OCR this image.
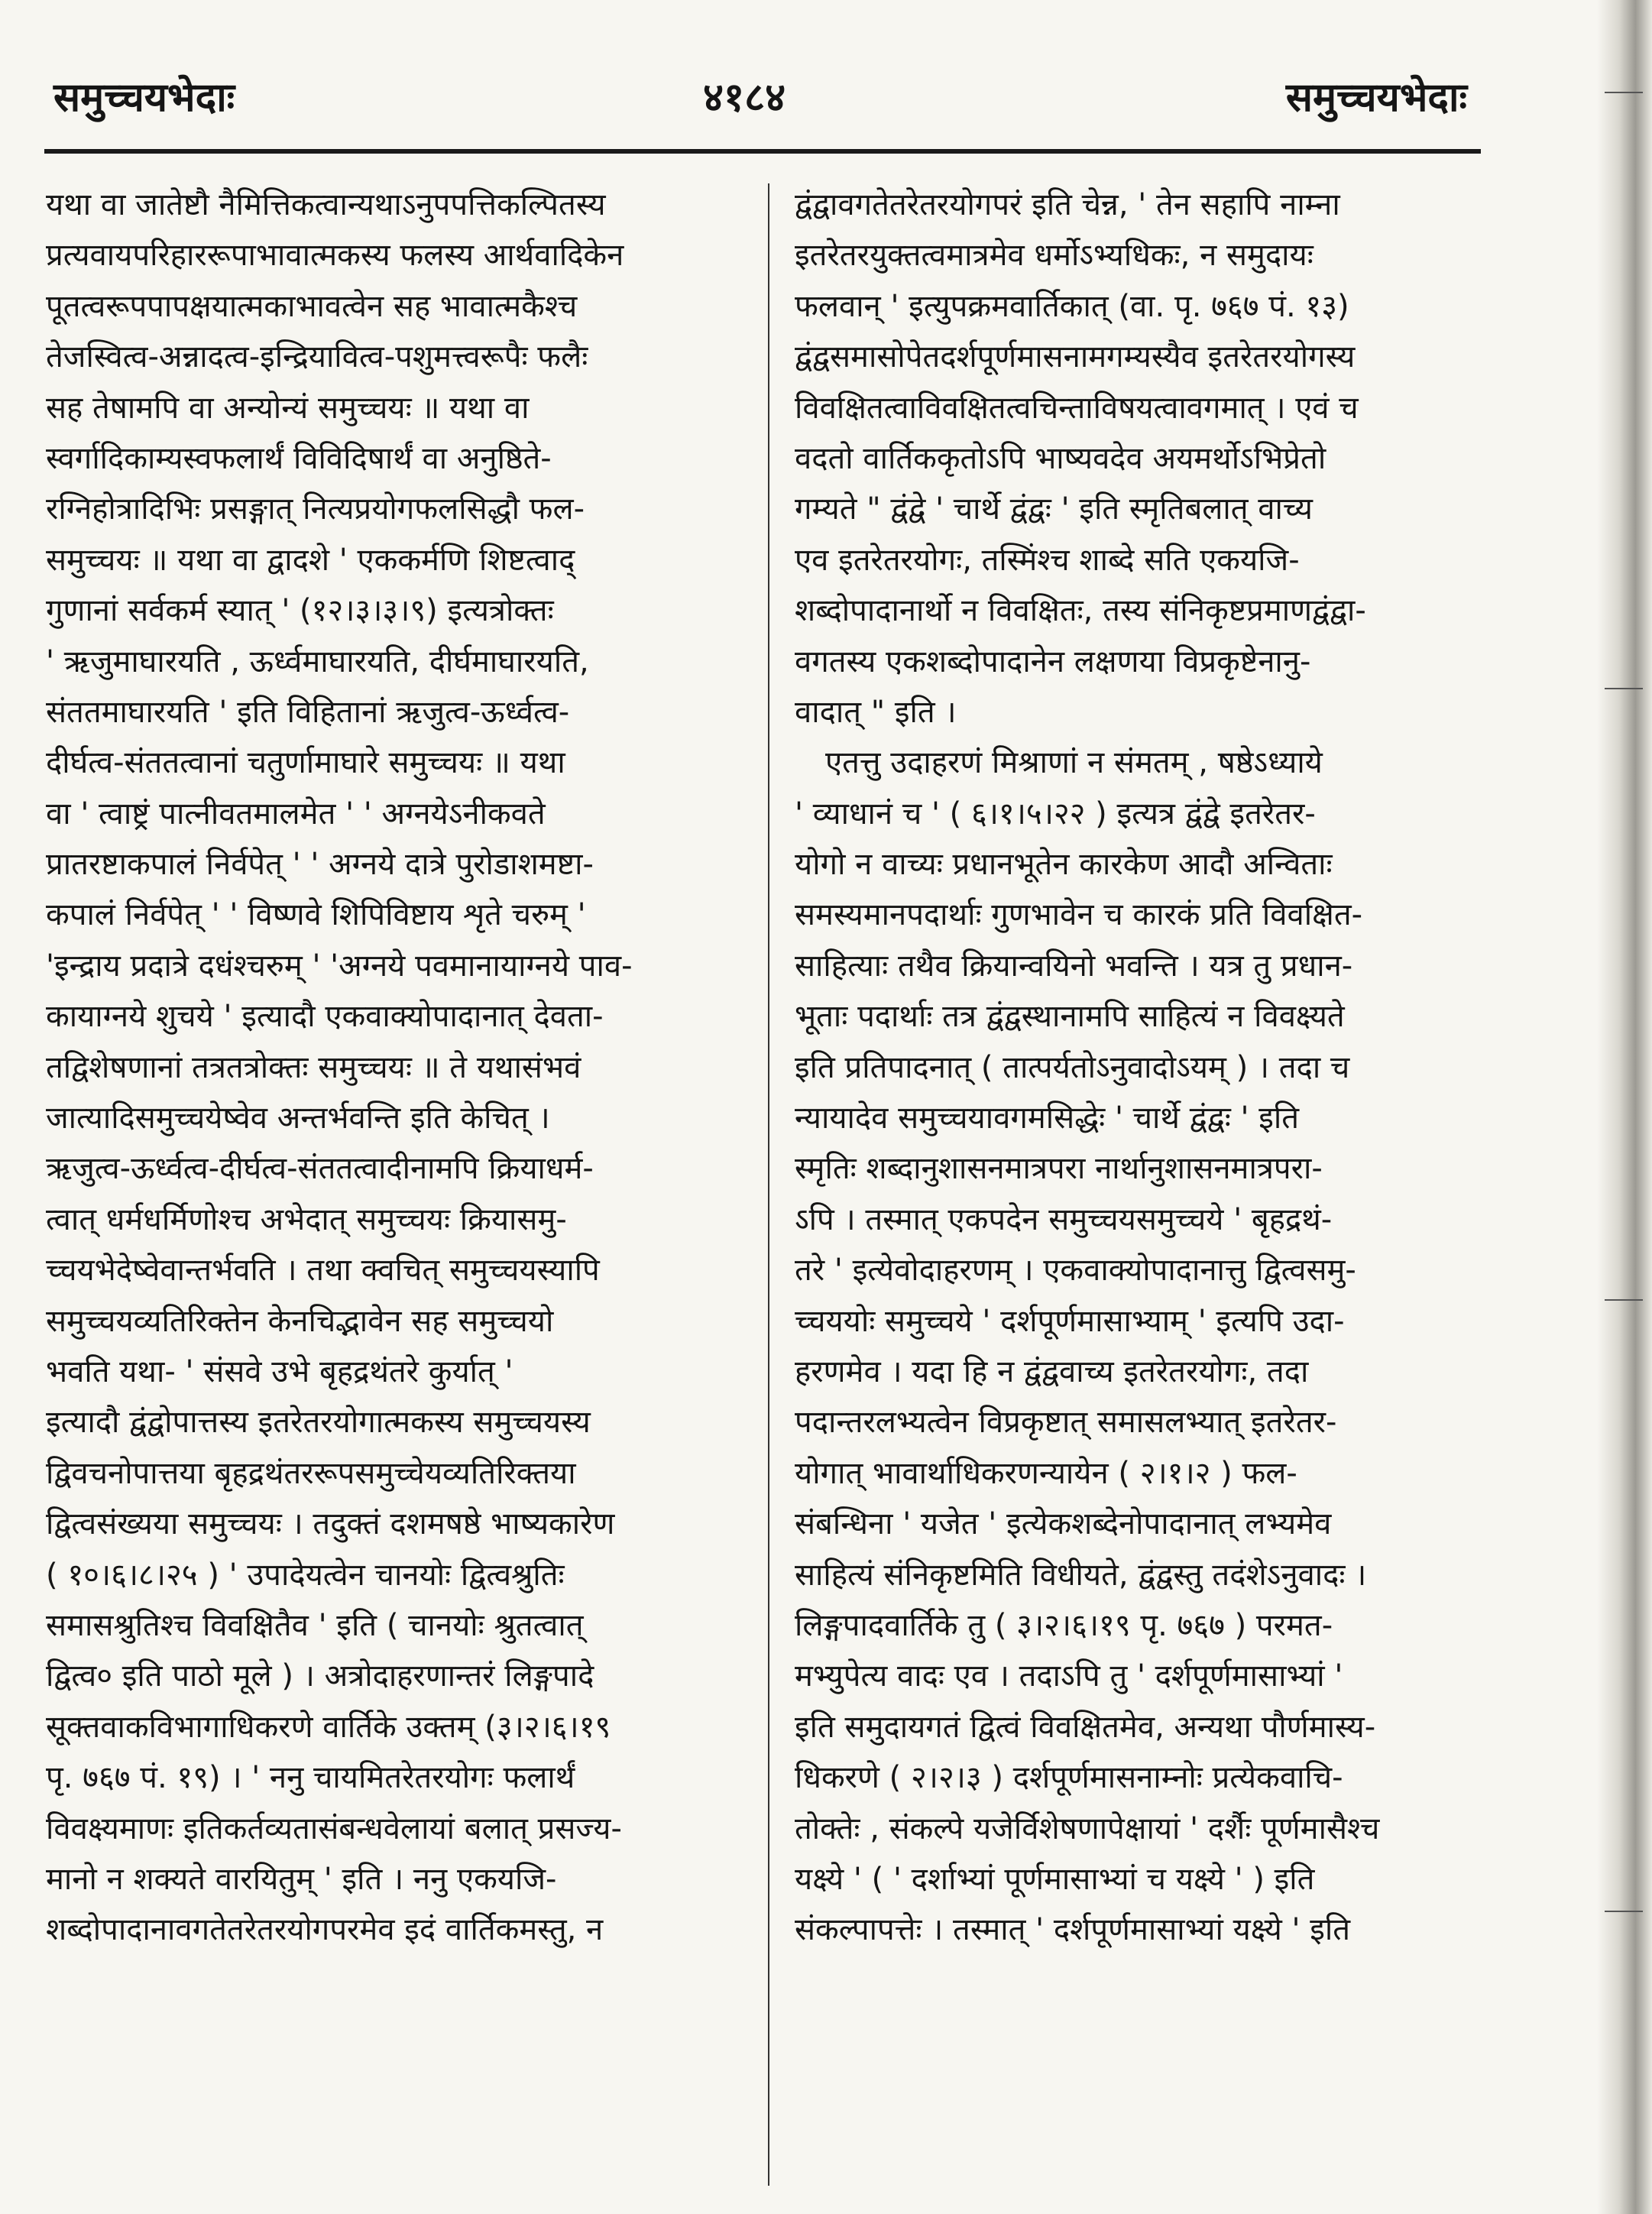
समुच्चयभेदाः	४१८४	समुच्चयभेदाः
यथा वा जातेष्टौ नैमित्तिकत्वान्यथाऽनुपपत्तिकल्पितस्य
प्रत्यवायपरिहाररूपाभावात्मकस्य फलस्य आर्थवादिकेन
पूतत्वरूपपापक्षयात्मकाभावत्वेन सह भावात्मकैश्च
तेजस्वित्व-अन्नादत्व-इन्द्रियावित्व-पशुमत्त्वरूपैः फलैः
सह तेषामपि वा अन्योन्यं समुच्चयः ॥ यथा वा
स्वर्गादिकाम्यस्वफलार्थं विविदिषार्थं वा अनुष्ठिते-
रग्निहोत्रादिभिः प्रसङ्गात् नित्यप्रयोगफलसिद्धौ फल-
समुच्चयः ॥ यथा वा द्वादशे ' एककर्मणि शिष्टत्वाद्
गुणानां सर्वकर्म स्यात् ' (१२।३।३।९) इत्यत्रोक्तः
' ऋजुमाघारयति , ऊर्ध्वमाघारयति, दीर्घमाघारयति,
संततमाघारयति ' इति विहितानां ऋजुत्व-ऊर्ध्वत्व-
दीर्घत्व-संततत्वानां चतुर्णामाघारे समुच्चयः ॥ यथा
वा ' त्वाष्ट्रं पात्नीवतमालमेत ' ' अग्नयेऽनीकवते
प्रातरष्टाकपालं निर्वपेत् ' ' अग्नये दात्रे पुरोडाशमष्टा-
कपालं निर्वपेत् ' ' विष्णवे शिपिविष्टाय शृते चरुम् '
'इन्द्राय प्रदात्रे दधंश्चरुम् ' 'अग्नये पवमानायाग्नये पाव-
कायाग्नये शुचये ' इत्यादौ एकवाक्योपादानात् देवता-
तद्विशेषणानां तत्रतत्रोक्तः समुच्चयः ॥ ते यथासंभवं
जात्यादिसमुच्चयेष्वेव अन्तर्भवन्ति इति केचित् ।
ऋजुत्व-ऊर्ध्वत्व-दीर्घत्व-संततत्वादीनामपि क्रियाधर्म-
त्वात् धर्मधर्मिणोश्च अभेदात् समुच्चयः क्रियासमु-
च्चयभेदेष्वेवान्तर्भवति । तथा क्वचित् समुच्चयस्यापि
समुच्चयव्यतिरिक्तेन केनचिद्भावेन सह समुच्चयो
भवति यथा- ' संसवे उभे बृहद्रथंतरे कुर्यात् '
इत्यादौ द्वंद्वोपात्तस्य इतरेतरयोगात्मकस्य समुच्चयस्य
द्विवचनोपात्तया बृहद्रथंतररूपसमुच्चेयव्यतिरिक्तया
द्वित्वसंख्यया समुच्चयः । तदुक्तं दशमषष्ठे भाष्यकारेण
( १०।६।८।२५ ) ' उपादेयत्वेन चानयोः द्वित्वश्रुतिः
समासश्रुतिश्च विवक्षितैव ' इति ( चानयोः श्रुतत्वात्
द्वित्व० इति पाठो मूले ) । अत्रोदाहरणान्तरं लिङ्गपादे
सूक्तवाकविभागाधिकरणे वार्तिके उक्तम् (३।२।६।१९
पृ. ७६७ पं. १९) । ' ननु चायमितरेतरयोगः फलार्थं
विवक्ष्यमाणः इतिकर्तव्यतासंबन्धवेलायां बलात् प्रसज्य-
मानो न शक्यते वारयितुम् ' इति । ननु एकयजि-
शब्दोपादानावगतेतरेतरयोगपरमेव इदं वार्तिकमस्तु, न
द्वंद्वावगतेतरेतरयोगपरं इति चेन्न, ' तेन सहापि नाम्ना
इतरेतरयुक्तत्वमात्रमेव धर्मोऽभ्यधिकः, न समुदायः
फलवान् ' इत्युपक्रमवार्तिकात् (वा. पृ. ७६७ पं. १३)
द्वंद्वसमासोपेतदर्शपूर्णमासनामगम्यस्यैव इतरेतरयोगस्य
विवक्षितत्वाविवक्षितत्वचिन्ताविषयत्वावगमात् । एवं च
वदतो वार्तिककृतोऽपि भाष्यवदेव अयमर्थोऽभिप्रेतो
गम्यते " द्वंद्वे ' चार्थे द्वंद्वः ' इति स्मृतिबलात् वाच्य
एव इतरेतरयोगः, तस्मिंश्च शाब्दे सति एकयजि-
शब्दोपादानार्थो न विवक्षितः, तस्य संनिकृष्टप्रमाणद्वंद्वा-
वगतस्य एकशब्दोपादानेन लक्षणया विप्रकृष्टेनानु-
वादात् " इति ।
एतत्तु उदाहरणं मिश्राणां न संमतम् , षष्ठेऽध्याये
' व्याधानं च ' ( ६।१।५।२२ ) इत्यत्र द्वंद्वे इतरेतर-
योगो न वाच्यः प्रधानभूतेन कारकेण आदौ अन्विताः
समस्यमानपदार्थाः गुणभावेन च कारकं प्रति विवक्षित-
साहित्याः तथैव क्रियान्वयिनो भवन्ति । यत्र तु प्रधान-
भूताः पदार्थाः तत्र द्वंद्वस्थानामपि साहित्यं न विवक्ष्यते
इति प्रतिपादनात् ( तात्पर्यतोऽनुवादोऽयम् ) । तदा च
न्यायादेव समुच्चयावगमसिद्धेः ' चार्थे द्वंद्वः ' इति
स्मृतिः शब्दानुशासनमात्रपरा नार्थानुशासनमात्रपरा-
ऽपि । तस्मात् एकपदेन समुच्चयसमुच्चये ' बृहद्रथं-
तरे ' इत्येवोदाहरणम् । एकवाक्योपादानात्तु द्वित्वसमु-
च्चययोः समुच्चये ' दर्शपूर्णमासाभ्याम् ' इत्यपि उदा-
हरणमेव । यदा हि न द्वंद्ववाच्य इतरेतरयोगः, तदा
पदान्तरलभ्यत्वेन विप्रकृष्टात् समासलभ्यात् इतरेतर-
योगात् भावार्थाधिकरणन्यायेन ( २।१।२ ) फल-
संबन्धिना ' यजेत ' इत्येकशब्देनोपादानात् लभ्यमेव
साहित्यं संनिकृष्टमिति विधीयते, द्वंद्वस्तु तदंशेऽनुवादः ।
लिङ्गपादवार्तिके तु ( ३।२।६।१९ पृ. ७६७ ) परमत-
मभ्युपेत्य वादः एव । तदाऽपि तु ' दर्शपूर्णमासाभ्यां '
इति समुदायगतं द्वित्वं विवक्षितमेव, अन्यथा पौर्णमास्य-
धिकरणे ( २।२।३ ) दर्शपूर्णमासनाम्नोः प्रत्येकवाचि-
तोक्तेः , संकल्पे यजेर्विशेषणापेक्षायां ' दर्शैः पूर्णमासैश्च
यक्ष्ये ' ( ' दर्शाभ्यां पूर्णमासाभ्यां च यक्ष्ये ' ) इति
संकल्पापत्तेः । तस्मात् ' दर्शपूर्णमासाभ्यां यक्ष्ये ' इति
